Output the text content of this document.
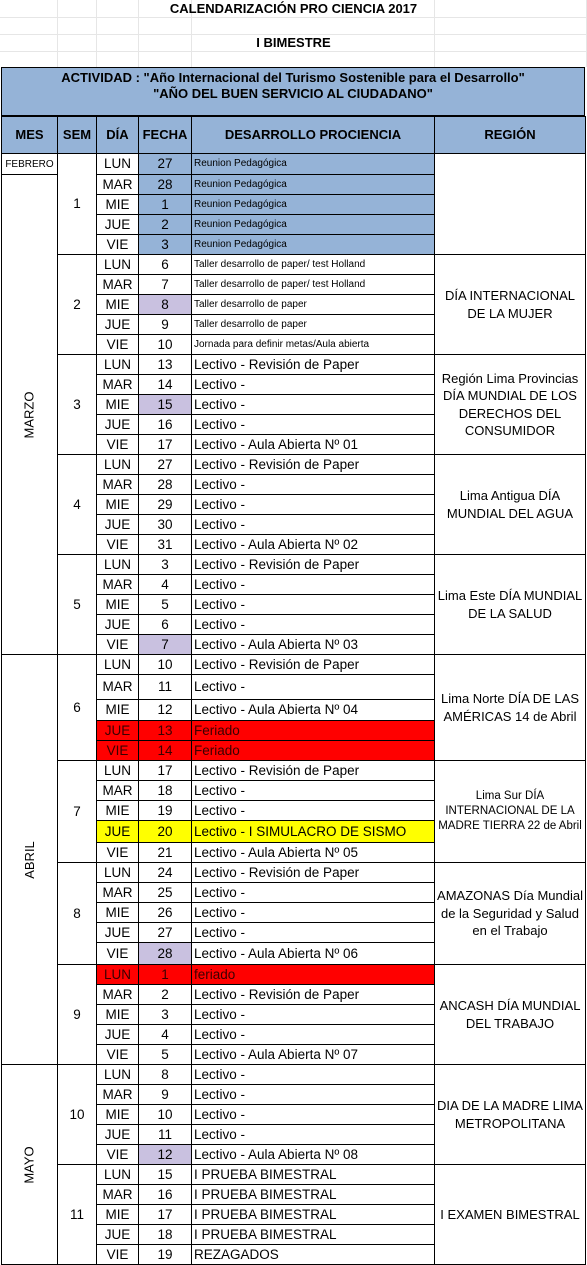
CALENDARIZACIÓN PRO CIENCIA 2017
I BIMESTRE
ACTIVIDAD : "Año Internacional del Turismo Sostenible para el Desarrollo"
"AÑO DEL BUEN SERVICIO AL CIUDADANO"
MES	SEM	DÍA	FECHA	DESARROLLO PROCIENCIA	REGIÓN
FEBRERO	1	LUN	27	Reunion Pedagógica	
MARZO		MAR	28	Reunion Pedagógica	
		MIE	1	Reunion Pedagógica	
		JUE	2	Reunion Pedagógica	
		VIE	3	Reunion Pedagógica	
	2	LUN	6	Taller desarrollo de paper/ test Holland	DÍA INTERNACIONAL DE LA MUJER
		MAR	7	Taller desarrollo de paper/ test Holland	
		MIE	8	Taller desarrollo de paper	
		JUE	9	Taller desarrollo de paper	
		VIE	10	Jornada para definir metas/Aula abierta	
	3	LUN	13	Lectivo - Revisión de Paper	Región Lima Provincias DÍA MUNDIAL DE LOS DERECHOS DEL CONSUMIDOR
		MAR	14	Lectivo -	
		MIE	15	Lectivo -	
		JUE	16	Lectivo -	
		VIE	17	Lectivo - Aula Abierta Nº 01	
	4	LUN	27	Lectivo - Revisión de Paper	Lima Antigua DÍA MUNDIAL DEL AGUA
		MAR	28	Lectivo -	
		MIE	29	Lectivo -	
		JUE	30	Lectivo -	
		VIE	31	Lectivo - Aula Abierta Nº 02	
	5	LUN	3	Lectivo - Revisión de Paper	Lima Este DÍA MUNDIAL DE LA SALUD
		MAR	4	Lectivo -	
		MIE	5	Lectivo -	
		JUE	6	Lectivo -	
		VIE	7	Lectivo - Aula Abierta Nº 03	
ABRIL	6	LUN	10	Lectivo - Revisión de Paper	Lima Norte DÍA DE LAS AMÉRICAS 14 de Abril
		MAR	11	Lectivo -	
		MIE	12	Lectivo - Aula Abierta Nº 04	
		JUE	13	Feriado	
		VIE	14	Feriado	
	7	LUN	17	Lectivo - Revisión de Paper	Lima Sur DÍA INTERNACIONAL DE LA MADRE TIERRA 22 de Abril
		MAR	18	Lectivo -	
		MIE	19	Lectivo -	
		JUE	20	Lectivo - I SIMULACRO DE SISMO	
		VIE	21	Lectivo - Aula Abierta Nº 05	
	8	LUN	24	Lectivo - Revisión de Paper	AMAZONAS Día Mundial de la Seguridad y Salud en el Trabajo
		MAR	25	Lectivo -	
		MIE	26	Lectivo -	
		JUE	27	Lectivo -	
		VIE	28	Lectivo - Aula Abierta Nº 06	
	9	LUN	1	feriado	ANCASH DÍA MUNDIAL DEL TRABAJO
		MAR	2	Lectivo - Revisión de Paper	
		MIE	3	Lectivo -	
		JUE	4	Lectivo -	
		VIE	5	Lectivo - Aula Abierta Nº 07	
MAYO	10	LUN	8	Lectivo -	DIA DE LA MADRE LIMA METROPOLITANA
		MAR	9	Lectivo -	
		MIE	10	Lectivo -	
		JUE	11	Lectivo -	
		VIE	12	Lectivo - Aula Abierta Nº 08	
	11	LUN	15	I PRUEBA BIMESTRAL	I EXAMEN BIMESTRAL
		MAR	16	I PRUEBA BIMESTRAL	
		MIE	17	I PRUEBA BIMESTRAL	
		JUE	18	I PRUEBA BIMESTRAL	
		VIE	19	REZAGADOS	
